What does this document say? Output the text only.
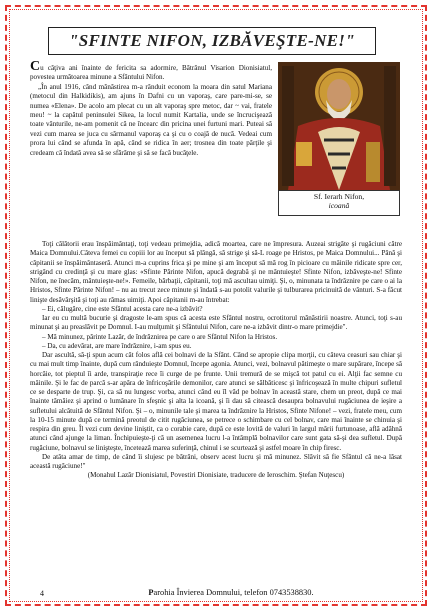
"SFINTE NIFON, IZBĂVEŞTE-NE!"

Cu câţiva ani înainte de fericita sa adormire, Bătrânul Visarion Dionisiatul, povestea următoarea minune a Sfântului Nifon.

„În anul 1916, când mănăstirea m-a rânduit econom la moara din satul Mariana (metocul din Halkidikis), am ajuns în Dafni cu un vaporaş, care pare-mi-se, se numea «Elena». De acolo am plecat cu un alt vaporaş spre metoc, dar ~ vai, fratele meu! ~ la capătul peninsulei Sikea, la locul numit Kartalia, unde se încrucişează toate vânturile, ne-am pomenit că ne încearc din pricina unei furtuni mari. Puteai să vezi cum marea se juca cu sărmanul vaporaş ca şi cu o coajă de nucă. Vedeai cum prora lui când se afunda în apă, când se ridica în aer; trosnea din toate părţile şi credeam că îndată avea să se sfărâme şi să se facă bucăţele.

Sf. Ierarh Nifon,
icoană

Toţi călătorii erau înspăimântaţi, toţi vedeau primejdia, adică moartea, care ne împresura. Auzeai strigăte şi rugăciuni către Maica Domnului.Câteva femei cu copiii lor au început să plângă, să strige şi să-L roage pe Hristos, pe Maica Domnului... Până şi căpitanii se înspăimântaseră. Atunci m-a cuprins frica şi pe mine şi am început să mă rog în picioare cu mâinile ridicate spre cer, strigând cu credinţă şi cu mare glas: «Sfinte Părinte Nifon, apucă degrabă şi ne mântuieşte! Sfinte Nifon, izbăveşte-ne! Sfinte Nifon, ne înecăm, mântuieşte-ne!». Femeile, bărbaţii, căpitanii, toţi mă ascultau uimiţi. Şi, o, minunata ta îndrăznire pe care o ai la Hristos, Sfinte Părinte Nifon! – nu au trecut zece minute şi îndată s-au potolit valurile şi tulburarea pricinuită de vânturi. S-a făcut linişte desăvârşită şi toţi au rămas uimiţi. Apoi căpitanii m-au întrebat:

– Ei, călugăre, cine este Sfântul acesta care ne-a izbăvit?

Iar eu cu multă bucurie şi dragoste le-am spus că acesta este Sfântul nostru, ocrotitorul mănăstirii noastre. Atunci, toţi s-au minunat şi au preaslăvit pe Domnul. I-au mulţumit şi Sfântului Nifon, care ne-a izbăvit dintr-o mare primejdie".

– Mă minunez, părinte Lazăr, de îndrăznirea pe care o are Sfântul Nifon la Hristos.

– Da, cu adevărat, are mare îndrăznire, i-am spus eu.

Dar ascultă, să-ţi spun acum cât folos află cei bolnavi de la Sfânt. Când se apropie clipa morţii, cu câteva ceasuri sau chiar şi cu mai mult timp înainte, după cum rânduieşte Domnul, începe agonia. Atunci, vezi, bolnavul pătimeşte o mare supărare, începe să horcăie, tot pieptul îi arde, transpiraţie rece îi curge de pe frunte. Unii tremură de se mişcă tot patul cu ei. Alţii fac semne cu mâinile. Şi le fac de parcă s-ar apăra de înfricoşările demonilor, care atunci se sălbăticesc şi înfricoşează în multe chipuri sufletul ce se desparte de trup. Şi, ca să nu lungesc vorba, atunci când eu îl văd pe bolnav în această stare, chem un preot, după ce mai înainte tămâiez şi aprind o lumânare în sfeşnic şi alta la icoană, şi îi dau să citească desaupra bolnavului rugăciunea de ieşire a sufletului alcătuită de Sfântul Nifon. Şi – o, minunile tale şi marea ta îndrăznire la Hristos, Sfinte Nifone! – vezi, fratele meu, cum la 10-15 minute după ce termină preotul de citit rugăciunea, se petrece o schimbare cu cel bolnav, care mai înainte se chinuia şi respira din greu. Îl vezi cum devine liniştit, ca o corabie care, după ce este lovită de valuri în largul mării furtunoase, află adăhnă atunci când ajunge la liman. Închipuieşte-ţi că un asemenea lucru l-a întâmplă bolnavilor care sunt gata să-şi dea sufletul. După rugăciune, bolnavul se linişteşte, încetează marea suferinţă, chinul i se scurtează şi astfel moare în chip firesc.

De atâta amar de timp, de când îi slujesc pe bătrâni, observ acest lucru şi mă minunez. Slăvit să fie Sfântul că ne-a lăsat această rugăciune!"

(Monahul Lazăr Dionisiatul, Povestiri Dionisiate, traducere de Ieroschim. Ştefan Nuţescu)

4	Parohia Învierea Domnului, telefon 0743538830.
